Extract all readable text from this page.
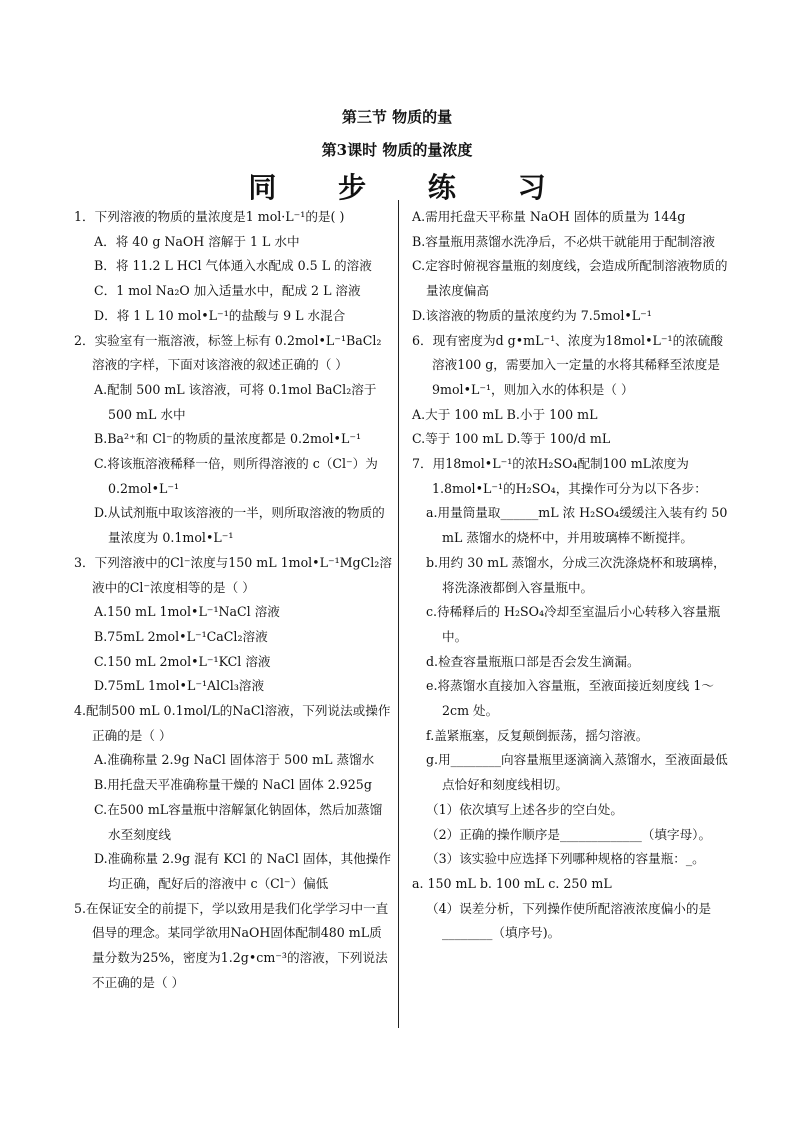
第三节 物质的量
第3课时 物质的量浓度
同 步 练 习

1．下列溶液的物质的量浓度是1 mol·L⁻¹的是( )

A．将 40 g NaOH 溶解于 1 L 水中

B．将 11.2 L HCl 气体通入水配成 0.5 L 的溶液

C．1 mol Na₂O 加入适量水中，配成 2 L 溶液

D．将 1 L 10 mol•L⁻¹的盐酸与 9 L 水混合

2．实验室有一瓶溶液，标签上标有 0.2mol•L⁻¹BaCl₂溶液的字样，下面对该溶液的叙述正确的（ ）

A.配制 500 mL 该溶液，可将 0.1mol BaCl₂溶于 500 mL 水中

B.Ba²⁺和 Cl⁻的物质的量浓度都是 0.2mol•L⁻¹

C.将该瓶溶液稀释一倍，则所得溶液的 c（Cl⁻）为 0.2mol•L⁻¹

D.从试剂瓶中取该溶液的一半，则所取溶液的物质的量浓度为 0.1mol•L⁻¹

3．下列溶液中的Cl⁻浓度与150 mL 1mol•L⁻¹MgCl₂溶液中的Cl⁻浓度相等的是（ ）

A.150 mL 1mol•L⁻¹NaCl 溶液

B.75mL 2mol•L⁻¹CaCl₂溶液

C.150 mL 2mol•L⁻¹KCl 溶液

D.75mL 1mol•L⁻¹AlCl₃溶液

4.配制500 mL 0.1mol/L的NaCl溶液，下列说法或操作正确的是（ ）

A.准确称量 2.9g NaCl 固体溶于 500 mL 蒸馏水

B.用托盘天平准确称量干燥的 NaCl 固体 2.925g

C.在500 mL容量瓶中溶解氯化钠固体，然后加蒸馏水至刻度线

D.准确称量 2.9g 混有 KCl 的 NaCl 固体，其他操作均正确，配好后的溶液中 c（Cl⁻）偏低

5.在保证安全的前提下，学以致用是我们化学学习中一直倡导的理念。某同学欲用NaOH固体配制480 mL质量分数为25%，密度为1.2g•cm⁻³的溶液，下列说法不正确的是（ ）

A.需用托盘天平称量 NaOH 固体的质量为 144g

B.容量瓶用蒸馏水洗净后，不必烘干就能用于配制溶液

C.定容时俯视容量瓶的刻度线，会造成所配制溶液物质的量浓度偏高

D.该溶液的物质的量浓度约为 7.5mol•L⁻¹

6．现有密度为d g•mL⁻¹、浓度为18mol•L⁻¹的浓硫酸溶液100 g，需要加入一定量的水将其稀释至浓度是9mol•L⁻¹，则加入水的体积是（ ）

A.大于 100 mL B.小于 100 mL

C.等于 100 mL D.等于 100/d mL

7．用18mol•L⁻¹的浓H₂SO₄配制100 mL浓度为 1.8mol•L⁻¹的H₂SO₄，其操作可分为以下各步：

a.用量筒量取______mL 浓 H₂SO₄缓缓注入装有约 50 mL 蒸馏水的烧杯中，并用玻璃棒不断搅拌。

b.用约 30 mL 蒸馏水，分成三次洗涤烧杯和玻璃棒，将洗涤液都倒入容量瓶中。

c.待稀释后的 H₂SO₄冷却至室温后小心转移入容量瓶中。

d.检查容量瓶瓶口部是否会发生滴漏。

e.将蒸馏水直接加入容量瓶，至液面接近刻度线 1～2cm 处。

f.盖紧瓶塞，反复颠倒振荡，摇匀溶液。

g.用________向容量瓶里逐滴滴入蒸馏水，至液面最低点恰好和刻度线相切。

（1）依次填写上述各步的空白处。

（2）正确的操作顺序是_____________（填字母）。

（3）该实验中应选择下列哪种规格的容量瓶：_。

a. 150 mL b. 100 mL c. 250 mL

（4）误差分析，下列操作使所配溶液浓度偏小的是________（填序号)。
